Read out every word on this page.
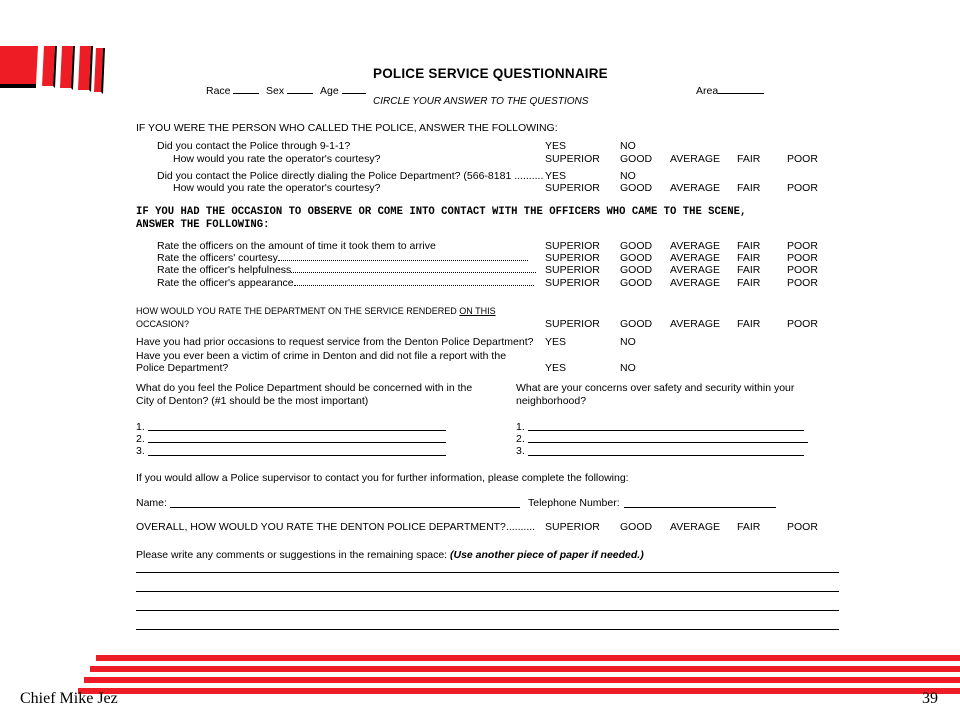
POLICE SERVICE QUESTIONNAIRE
Race	Sex	Age	Area
CIRCLE YOUR ANSWER TO THE QUESTIONS
IF YOU WERE THE PERSON WHO CALLED THE POLICE, ANSWER THE FOLLOWING:
Did you contact the Police through 9-1-1?	YES	NO
How would you rate the operator's courtesy?	SUPERIOR GOOD AVERAGE FAIR	POOR
Did you contact the Police directly dialing the Police Department? (566-8181 .......... YES	NO
How would you rate the operator's courtesy?	SUPERIOR GOOD AVERAGE FAIR	POOR
IF YOU HAD THE OCCASION TO OBSERVE OR COME INTO CONTACT WITH THE OFFICERS WHO CAME TO THE SCENE,
ANSWER THE FOLLOWING:
Rate the officers on the amount of time it took them to arrive	SUPERIOR GOOD AVERAGE FAIR	POOR
Rate the officers' courtesy	SUPERIOR GOOD AVERAGE FAIR	POOR
Rate the officer's helpfulness	SUPERIOR GOOD AVERAGE FAIR	POOR
Rate the officer's appearance	SUPERIOR GOOD AVERAGE FAIR	POOR
HOW WOULD YOU RATE THE DEPARTMENT ON THE SERVICE RENDERED ON THIS
OCCASION?	SUPERIOR GOOD AVERAGE FAIR	POOR
Have you had prior occasions to request service from the Denton Police Department? YES	NO
Have you ever been a victim of crime in Denton and did not file a report with the
Police Department?	YES	NO
What do you feel the Police Department should be concerned with in the
City of Denton? (#1 should be the most important)
What are your concerns over safety and security within your
neighborhood?
1.
2.
3.
1.
2.
3.
If you would allow a Police supervisor to contact you for further information, please complete the following:
Name:	Telephone Number:
OVERALL, HOW WOULD YOU RATE THE DENTON POLICE DEPARTMENT?.......... SUPERIOR GOOD AVERAGE FAIR	POOR
Please write any comments or suggestions in the remaining space: (Use another piece of paper if needed.)
Chief Mike Jez	39
